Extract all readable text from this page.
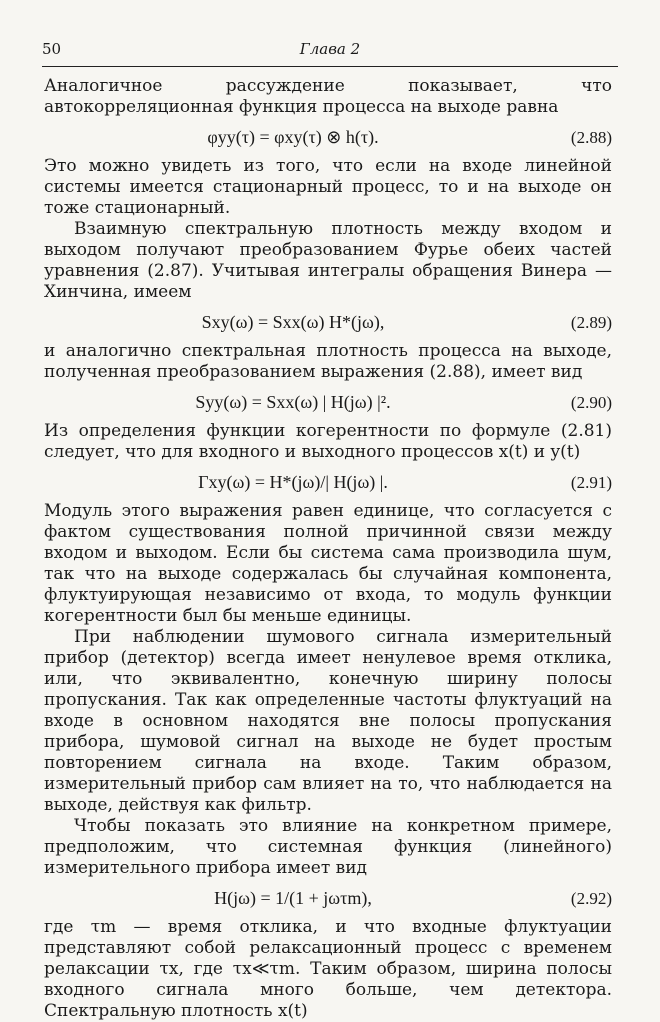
50	Глава 2

Аналогичное рассуждение показывает, что автокорреляционная функция процесса на выходе равна

φyy(τ) = φxy(τ) ⊗ h(τ).	(2.88)

Это можно увидеть из того, что если на входе линейной системы имеется стационарный процесс, то и на выходе он тоже стационарный.

Взаимную спектральную плотность между входом и выходом получают преобразованием Фурье обеих частей уравнения (2.87). Учитывая интегралы обращения Винера — Хинчина, имеем

Sxy(ω) = Sxx(ω) H*(jω),	(2.89)

и аналогично спектральная плотность процесса на выходе, полученная преобразованием выражения (2.88), имеет вид

Syy(ω) = Sxx(ω) | H(jω) |².	(2.90)

Из определения функции когерентности по формуле (2.81) следует, что для входного и выходного процессов x(t) и y(t)

Γxy(ω) = H*(jω)/| H(jω) |.	(2.91)

Модуль этого выражения равен единице, что согласуется с фактом существования полной причинной связи между входом и выходом. Если бы система сама производила шум, так что на выходе содержалась бы случайная компонента, флуктуирующая независимо от входа, то модуль функции когерентности был бы меньше единицы.

При наблюдении шумового сигнала измерительный прибор (детектор) всегда имеет ненулевое время отклика, или, что эквивалентно, конечную ширину полосы пропускания. Так как определенные частоты флуктуаций на входе в основном находятся вне полосы пропускания прибора, шумовой сигнал на выходе не будет простым повторением сигнала на входе. Таким образом, измерительный прибор сам влияет на то, что наблюдается на выходе, действуя как фильтр.

Чтобы показать это влияние на конкретном примере, предположим, что системная функция (линейного) измерительного прибора имеет вид

H(jω) = 1/(1 + jωτm),	(2.92)

где τm — время отклика, и что входные флуктуации представляют собой релаксационный процесс с временем релаксации τx, где τx≪τm. Таким образом, ширина полосы входного сигнала много больше, чем детектора. Спектральную плотность x(t)
